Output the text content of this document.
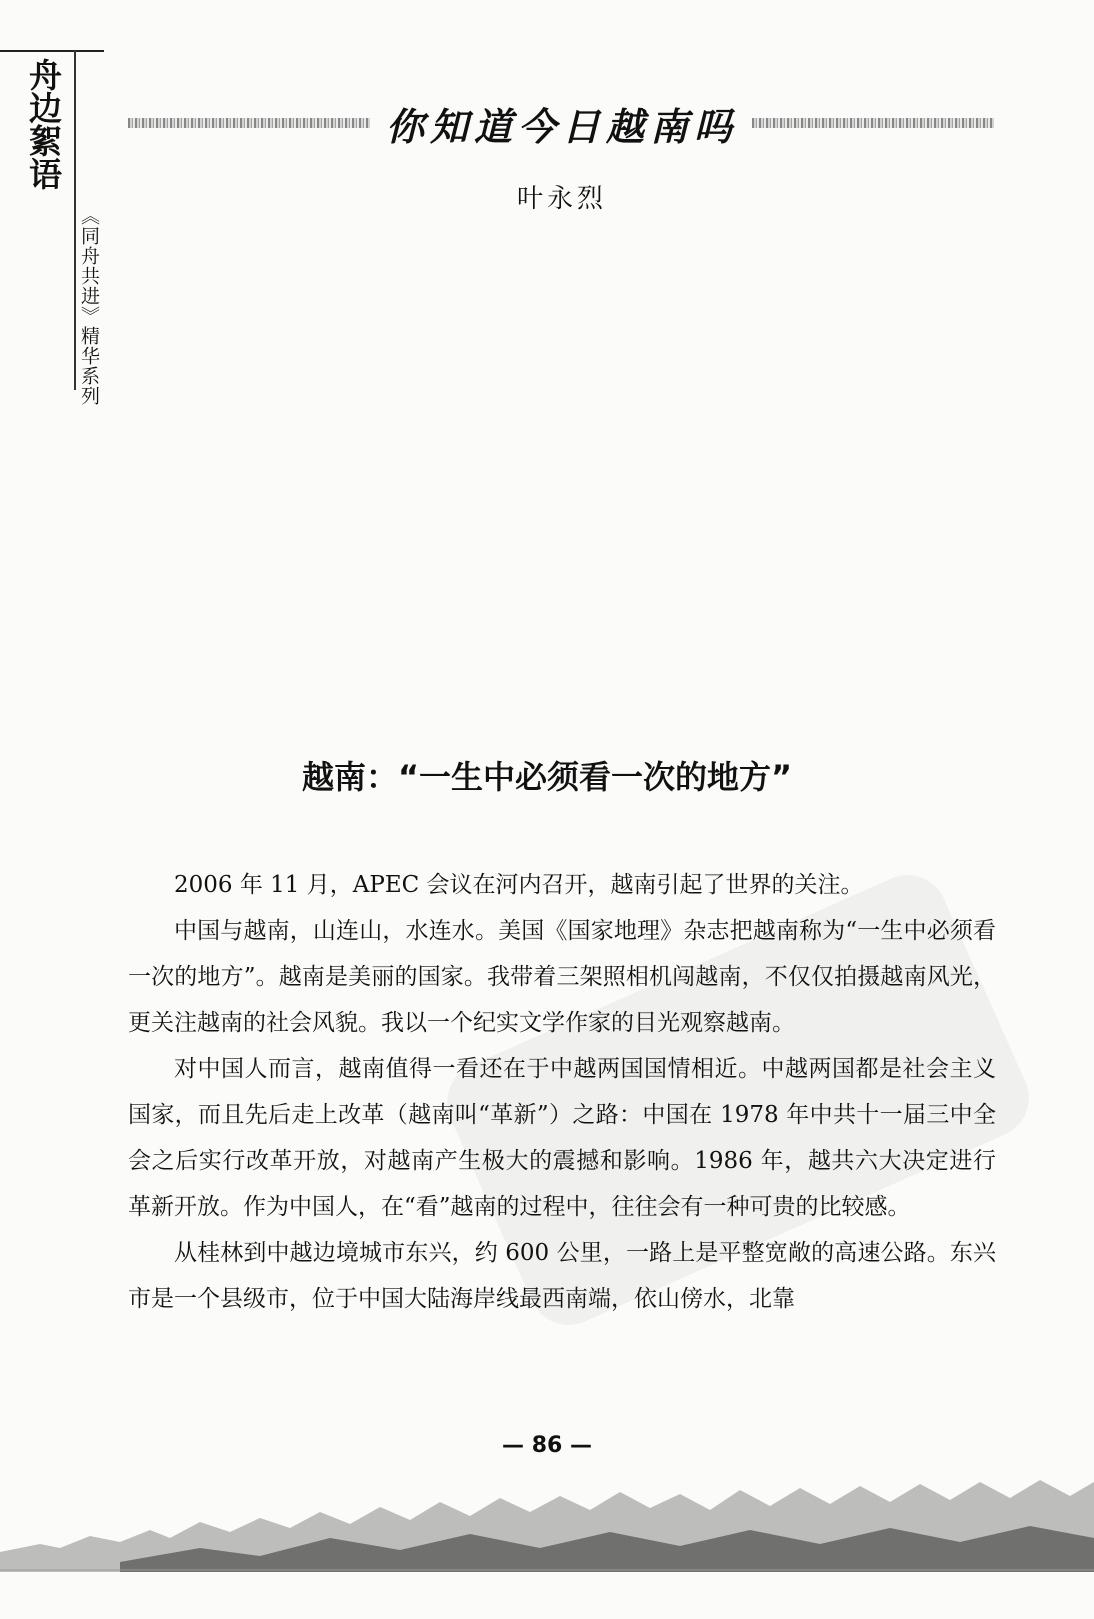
舟边絮语
《同舟共进》精华系列
你知道今日越南吗
叶永烈
越南：“一生中必须看一次的地方”

2006 年 11 月，APEC 会议在河内召开，越南引起了世界的关注。

中国与越南，山连山，水连水。美国《国家地理》杂志把越南称为“一生中必须看一次的地方”。越南是美丽的国家。我带着三架照相机闯越南，不仅仅拍摄越南风光，更关注越南的社会风貌。我以一个纪实文学作家的目光观察越南。

对中国人而言，越南值得一看还在于中越两国国情相近。中越两国都是社会主义国家，而且先后走上改革（越南叫“革新”）之路：中国在 1978 年中共十一届三中全会之后实行改革开放，对越南产生极大的震撼和影响。1986 年，越共六大决定进行革新开放。作为中国人，在“看”越南的过程中，往往会有一种可贵的比较感。

从桂林到中越边境城市东兴，约 600 公里，一路上是平整宽敞的高速公路。东兴市是一个县级市，位于中国大陆海岸线最西南端，依山傍水，北靠

— 86 —
